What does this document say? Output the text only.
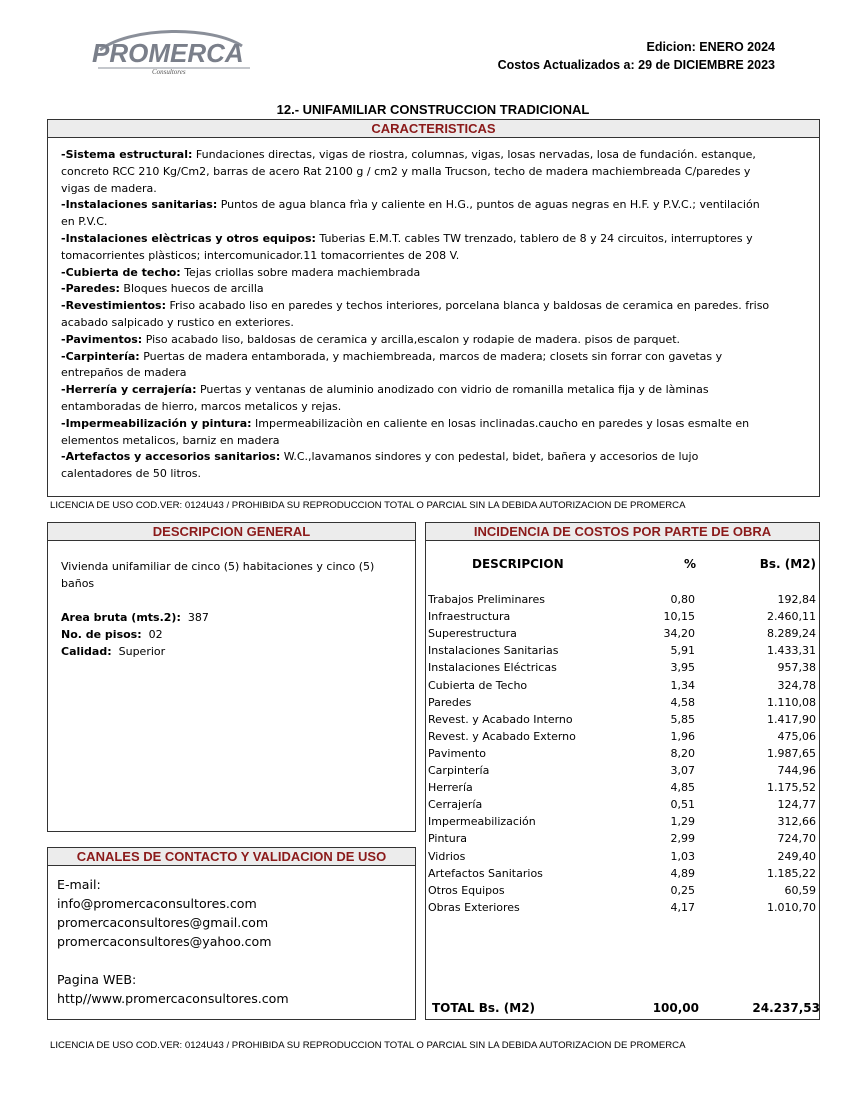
PROMERCA
Consultores
Edicion: ENERO 2024
Costos Actualizados a: 29 de DICIEMBRE 2023
12.- UNIFAMILIAR CONSTRUCCION TRADICIONAL
CARACTERISTICAS
-Sistema estructural: Fundaciones directas, vigas de riostra, columnas, vigas, losas nervadas, losa de fundación. estanque, concreto RCC 210 Kg/Cm2, barras de acero Rat 2100 g / cm2 y malla Trucson, techo de madera machiembreada C/paredes y vigas de madera.
-Instalaciones sanitarias: Puntos de agua blanca frìa y caliente en H.G., puntos de aguas negras en H.F. y P.V.C.; ventilación en P.V.C.
-Instalaciones elèctricas y otros equipos: Tuberias E.M.T. cables TW trenzado, tablero de 8 y 24 circuitos, interruptores y tomacorrientes plàsticos; intercomunicador.11 tomacorrientes de 208 V.
-Cubierta de techo: Tejas criollas sobre madera machiembrada
-Paredes: Bloques huecos de arcilla
-Revestimientos: Friso acabado liso en paredes y techos interiores, porcelana blanca y baldosas de ceramica en paredes. friso acabado salpicado y rustico en exteriores.
-Pavimentos: Piso acabado liso, baldosas de ceramica y arcilla,escalon y rodapie de madera. pisos de parquet.
-Carpintería: Puertas de madera entamborada, y machiembreada, marcos de madera; closets sin forrar con gavetas y entrepaños de madera
-Herrería y cerrajería: Puertas y ventanas de aluminio anodizado con vidrio de romanilla metalica fija y de làminas entamboradas de hierro, marcos metalicos y rejas.
-Impermeabilización y pintura: Impermeabilizaciòn en caliente en losas inclinadas.caucho en paredes y losas esmalte en elementos metalicos, barniz en madera
-Artefactos y accesorios sanitarios: W.C.,lavamanos sindores y con pedestal, bidet, bañera y accesorios de lujo calentadores de 50 litros.
LICENCIA DE USO COD.VER: 0124U43 / PROHIBIDA SU REPRODUCCION TOTAL O PARCIAL SIN LA DEBIDA AUTORIZACION DE PROMERCA
DESCRIPCION GENERAL
Vivienda unifamiliar de cinco (5) habitaciones y cinco (5) baños
Area bruta (mts.2): 387
No. de pisos: 02
Calidad: Superior
INCIDENCIA DE COSTOS POR PARTE DE OBRA
DESCRIPCION	%	Bs. (M2)
Trabajos Preliminares	0,80	192,84
Infraestructura	10,15	2.460,11
Superestructura	34,20	8.289,24
Instalaciones Sanitarias	5,91	1.433,31
Instalaciones Eléctricas	3,95	957,38
Cubierta de Techo	1,34	324,78
Paredes	4,58	1.110,08
Revest. y Acabado Interno	5,85	1.417,90
Revest. y Acabado Externo	1,96	475,06
Pavimento	8,20	1.987,65
Carpintería	3,07	744,96
Herrería	4,85	1.175,52
Cerrajería	0,51	124,77
Impermeabilización	1,29	312,66
Pintura	2,99	724,70
Vidrios	1,03	249,40
Artefactos Sanitarios	4,89	1.185,22
Otros Equipos	0,25	60,59
Obras Exteriores	4,17	1.010,70
TOTAL Bs. (M2)	100,00	24.237,53
CANALES DE CONTACTO Y VALIDACION DE USO
E-mail:
info@promercaconsultores.com
promercaconsultores@gmail.com
promercaconsultores@yahoo.com
Pagina WEB:
http//www.promercaconsultores.com
LICENCIA DE USO COD.VER: 0124U43 / PROHIBIDA SU REPRODUCCION TOTAL O PARCIAL SIN LA DEBIDA AUTORIZACION DE PROMERCA
